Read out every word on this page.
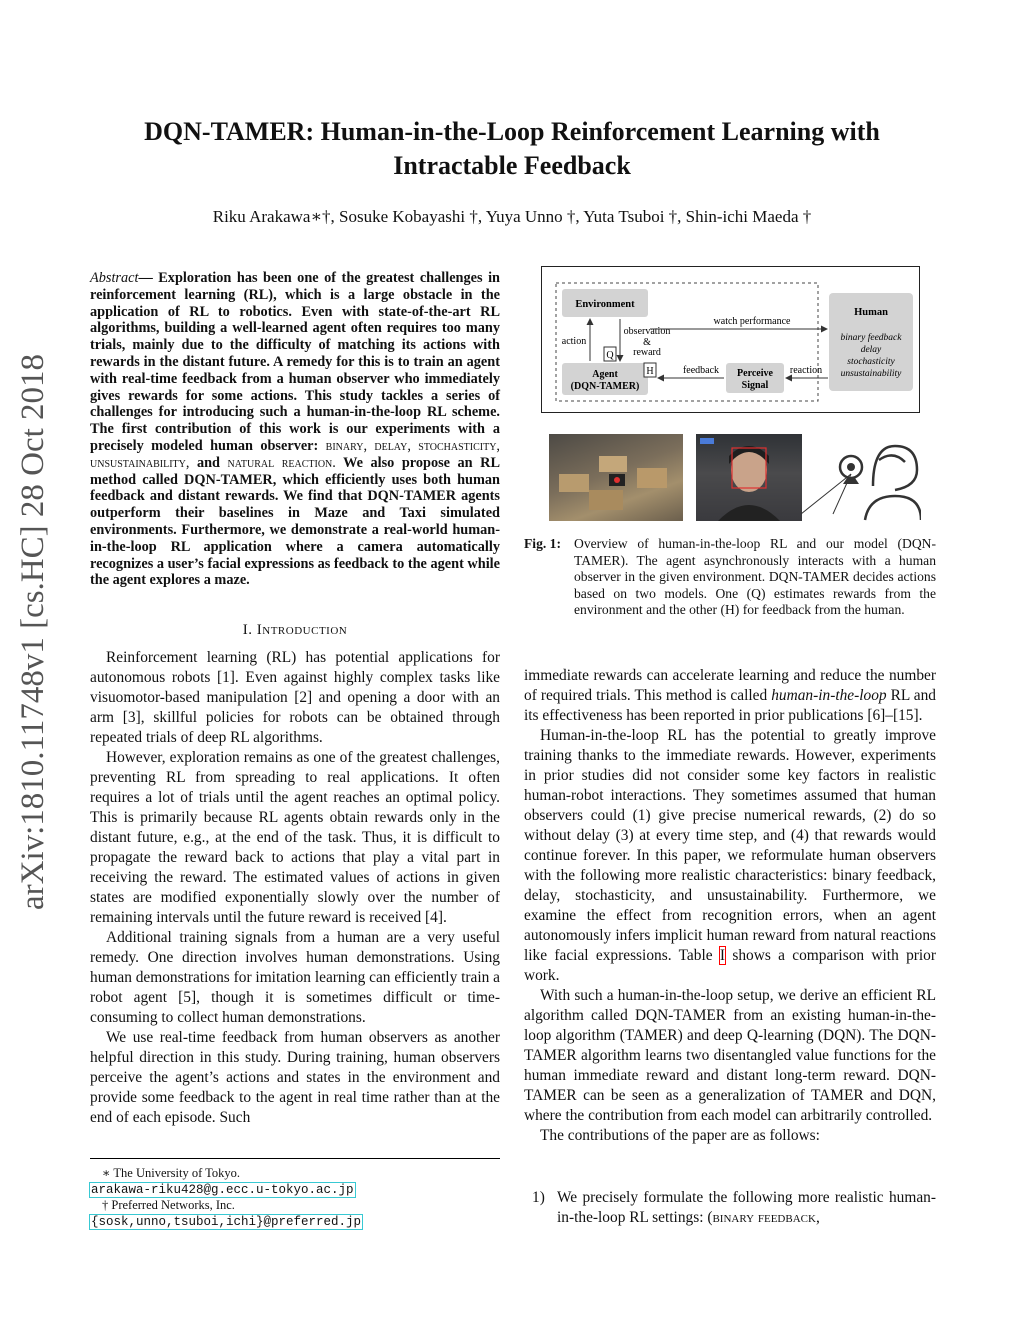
arXiv:1810.11748v1 [cs.HC] 28 Oct 2018
DQN-TAMER: Human-in-the-Loop Reinforcement Learning with
Intractable Feedback
Riku Arakawa∗†, Sosuke Kobayashi †, Yuya Unno †, Yuta Tsuboi †, Shin-ichi Maeda †
Abstract— Exploration has been one of the greatest challenges in reinforcement learning (RL), which is a large obstacle in the application of RL to robotics. Even with state-of-the-art RL algorithms, building a well-learned agent often requires too many trials, mainly due to the difficulty of matching its actions with rewards in the distant future. A remedy for this is to train an agent with real-time feedback from a human observer who immediately gives rewards for some actions. This study tackles a series of challenges for introducing such a human-in-the-loop RL scheme. The first contribution of this work is our experiments with a precisely modeled human observer: binary, delay, stochasticity, unsustainability, and natural reaction. We also propose an RL method called DQN-TAMER, which efficiently uses both human feedback and distant rewards. We find that DQN-TAMER agents outperform their baselines in Maze and Taxi simulated environments. Furthermore, we demonstrate a real-world human-in-the-loop RL application where a camera automatically recognizes a user’s facial expressions as feedback to the agent while the agent explores a maze.
I. Introduction

Reinforcement learning (RL) has potential applications for autonomous robots [1]. Even against highly complex tasks like visuomotor-based manipulation [2] and opening a door with an arm [3], skillful policies for robots can be obtained through repeated trials of deep RL algorithms.

However, exploration remains as one of the greatest challenges, preventing RL from spreading to real applications. It often requires a lot of trials until the agent reaches an optimal policy. This is primarily because RL agents obtain rewards only in the distant future, e.g., at the end of the task. Thus, it is difficult to propagate the reward back to actions that play a vital part in receiving the reward. The estimated values of actions in given states are modified exponentially slowly over the number of remaining intervals until the future reward is received [4].

Additional training signals from a human are a very useful remedy. One direction involves human demonstrations. Using human demonstrations for imitation learning can efficiently train a robot agent [5], though it is sometimes difficult or time-consuming to collect human demonstrations.

We use real-time feedback from human observers as another helpful direction in this study. During training, human observers perceive the agent’s actions and states in the environment and provide some feedback to the agent in real time rather than at the end of each episode. Such

∗ The University of Tokyo.
arakawa-riku428@g.ecc.u-tokyo.ac.jp
† Preferred Networks, Inc.
{sosk,unno,tsuboi,ichi}@preferred.jp
Environment
Agent
(DQN-TAMER)
Q
H
action
observation
&
reward
watch performance
Human
binary feedback
delay
stochasticity
unsustainability
Perceive
Signal
feedback	reaction
Fig. 1: Overview of human-in-the-loop RL and our model (DQN-TAMER). The agent asynchronously interacts with a human observer in the given environment. DQN-TAMER decides actions based on two models. One (Q) estimates rewards from the environment and the other (H) for feedback from the human.

immediate rewards can accelerate learning and reduce the number of required trials. This method is called human-in-the-loop RL and its effectiveness has been reported in prior publications [6]–[15].

Human-in-the-loop RL has the potential to greatly improve training thanks to the immediate rewards. However, experiments in prior studies did not consider some key factors in realistic human-robot interactions. They sometimes assumed that human observers could (1) give precise numerical rewards, (2) do so without delay (3) at every time step, and (4) that rewards would continue forever. In this paper, we reformulate human observers with the following more realistic characteristics: binary feedback, delay, stochasticity, and unsustainability. Furthermore, we examine the effect from recognition errors, when an agent autonomously infers implicit human reward from natural reactions like facial expressions. Table I shows a comparison with prior work.

With such a human-in-the-loop setup, we derive an efficient RL algorithm called DQN-TAMER from an existing human-in-the-loop algorithm (TAMER) and deep Q-learning (DQN). The DQN-TAMER algorithm learns two disentangled value functions for the human immediate reward and distant long-term reward. DQN-TAMER can be seen as a generalization of TAMER and DQN, where the contribution from each model can arbitrarily controlled.

The contributions of the paper are as follows:

1) We precisely formulate the following more realistic human-in-the-loop RL settings: (binary feedback,
